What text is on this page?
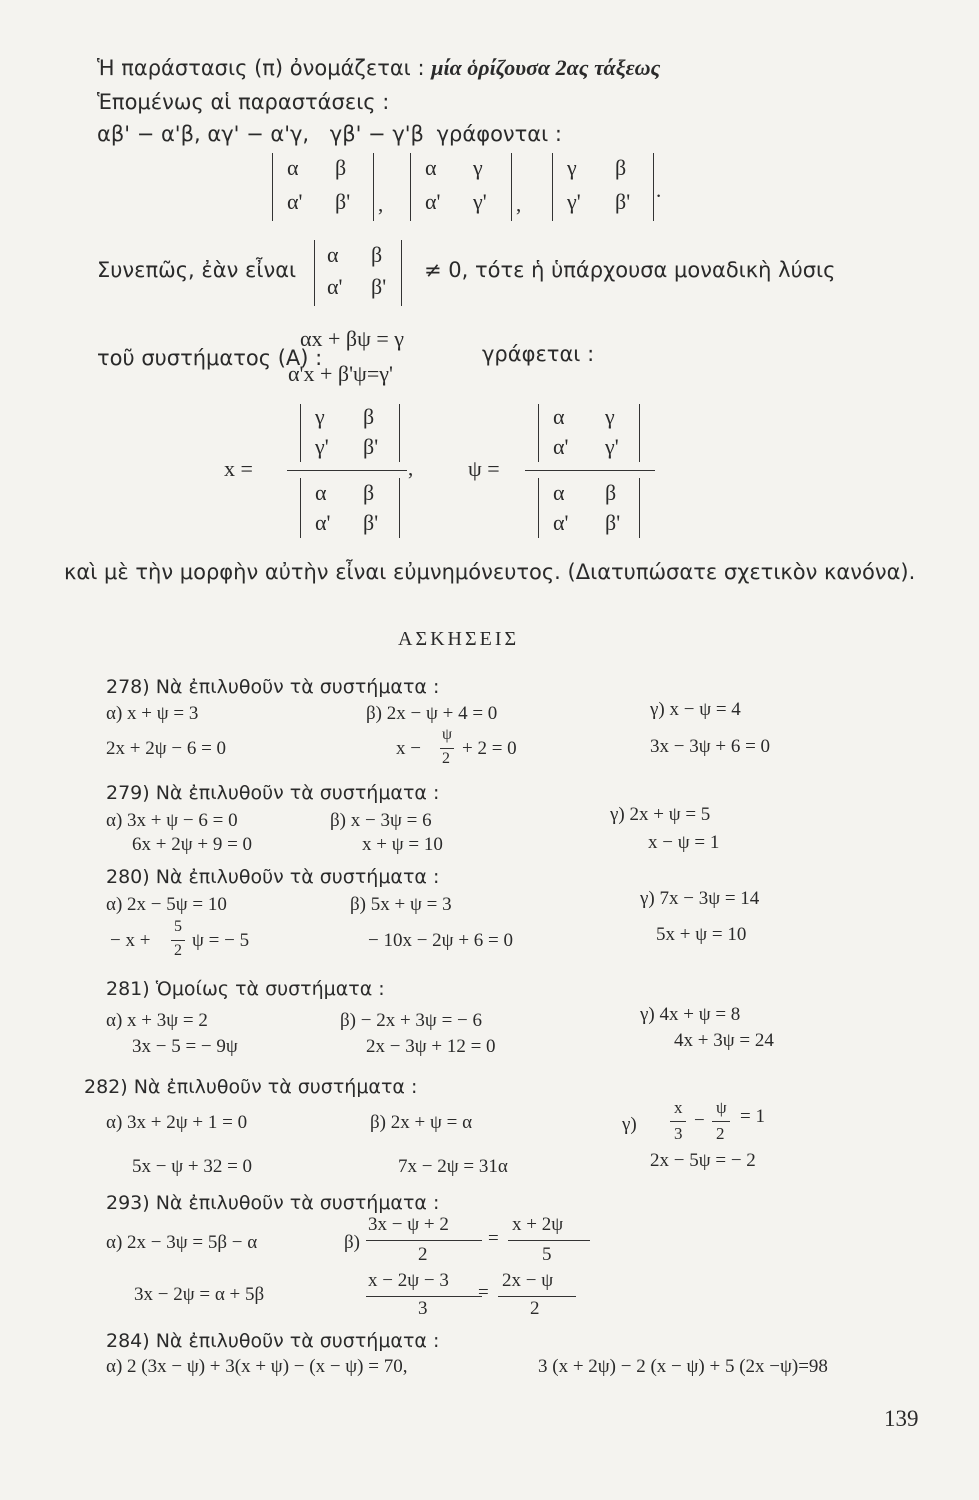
Ἡ παράστασις (π) ὀνομάζεται : μία ὁρίζουσα 2ας τάξεως
Ἑπομένως αἱ παραστάσεις :
αβ' − α'β, αγ' − α'γ, γβ' − γ'β γράφονται :
α β
α' β' ,
α γ
α' γ' ,
γ β
γ' β' .
Συνεπῶς, ἐὰν εἶναι
α β
α' β'
≠ 0, τότε ἡ ὑπάρχουσα μοναδικὴ λύσις
τοῦ συστήματος (Α) :
αx + βψ = γ
α'x + β'ψ=γ'
γράφεται :
x =
γ β
γ' β'
,
α β
α' β'
ψ =
α γ
α' γ'
α β
α' β'
καὶ μὲ τὴν μορφὴν αὐτὴν εἶναι εὐμνημόνευτος. (Διατυπώσατε σχετικὸν κανόνα).
ΑΣΚΗΣΕΙΣ
278) Νὰ ἐπιλυθοῦν τὰ συστήματα :
α) x + ψ = 3
2x + 2ψ − 6 = 0
β) 2x − ψ + 4 = 0
x −
ψ
2 + 2 = 0
γ) x − ψ = 4
3x − 3ψ + 6 = 0
279) Νὰ ἐπιλυθοῦν τὰ συστήματα :
α) 3x + ψ − 6 = 0
6x + 2ψ + 9 = 0
β) x − 3ψ = 6
x + ψ = 10
γ) 2x + ψ = 5
x − ψ = 1
280) Νὰ ἐπιλυθοῦν τὰ συστήματα :
α) 2x − 5ψ = 10
− x +
5
2 ψ = − 5
β) 5x + ψ = 3
− 10x − 2ψ + 6 = 0
γ) 7x − 3ψ = 14
5x + ψ = 10
281) Ὁμοίως τὰ συστήματα :
α) x + 3ψ = 2
3x − 5 = − 9ψ
β) − 2x + 3ψ = − 6
2x − 3ψ + 12 = 0
γ) 4x + ψ = 8
4x + 3ψ = 24
282) Νὰ ἐπιλυθοῦν τὰ συστήματα :
α) 3x + 2ψ + 1 = 0
5x − ψ + 32 = 0
β) 2x + ψ = α
7x − 2ψ = 31α
γ)
x
3
−
ψ
2
= 1
2x − 5ψ = − 2
293) Νὰ ἐπιλυθοῦν τὰ συστήματα :
α) 2x − 3ψ = 5β − α
3x − 2ψ = α + 5β
β)
3x − ψ + 2
2
=
x + 2ψ
5
x − 2ψ − 3
3
=
2x − ψ
2
284) Νὰ ἐπιλυθοῦν τὰ συστήματα :
α) 2 (3x − ψ) + 3(x + ψ) − (x − ψ) = 70,	3 (x + 2ψ) − 2 (x − ψ) + 5 (2x −ψ)=98
139
